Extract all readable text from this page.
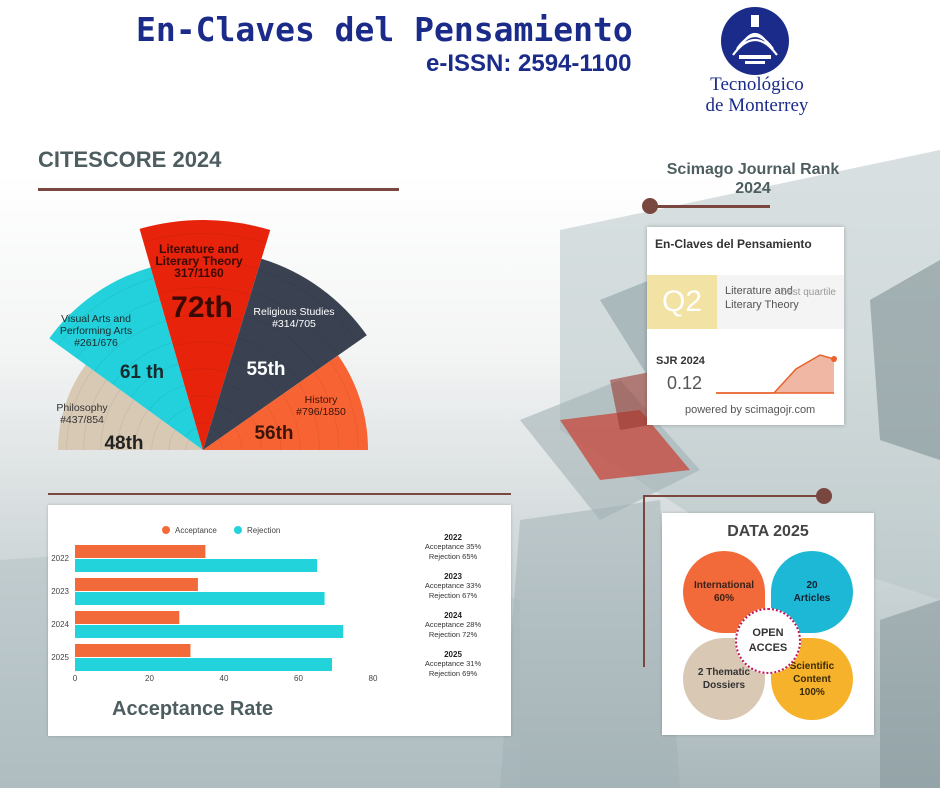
En-Claves del Pensamiento
e-ISSN: 2594-1100
Tecnológico
de Monterrey
CITESCORE 2024
Philosophy
#437/854
48th
Visual Arts and
Performing Arts
#261/676
61 th
Literature and
Literary Theory
317/1160
72th Religious Studies
#314/705
55th
History
#796/1850
56th
Scimago Journal Rank
2024
En-Claves del Pensamiento
Q2	Literature and
Literary Theory
best quartile
SJR 2024
0.12
powered by scimagojr.com
Acceptance	Rejection
2022
2023
2024
2025
0	20	40	60	80
2022
Acceptance 35%
Rejection 65%
2023
Acceptance 33%
Rejection 67%
2024
Acceptance 28%
Rejection 72%
2025
Acceptance 31%
Rejection 69%
Acceptance Rate
DATA 2025
International
60%
20
Articles
2 Thematic
Dossiers
Scientific
Content
100%
OPEN
ACCES
